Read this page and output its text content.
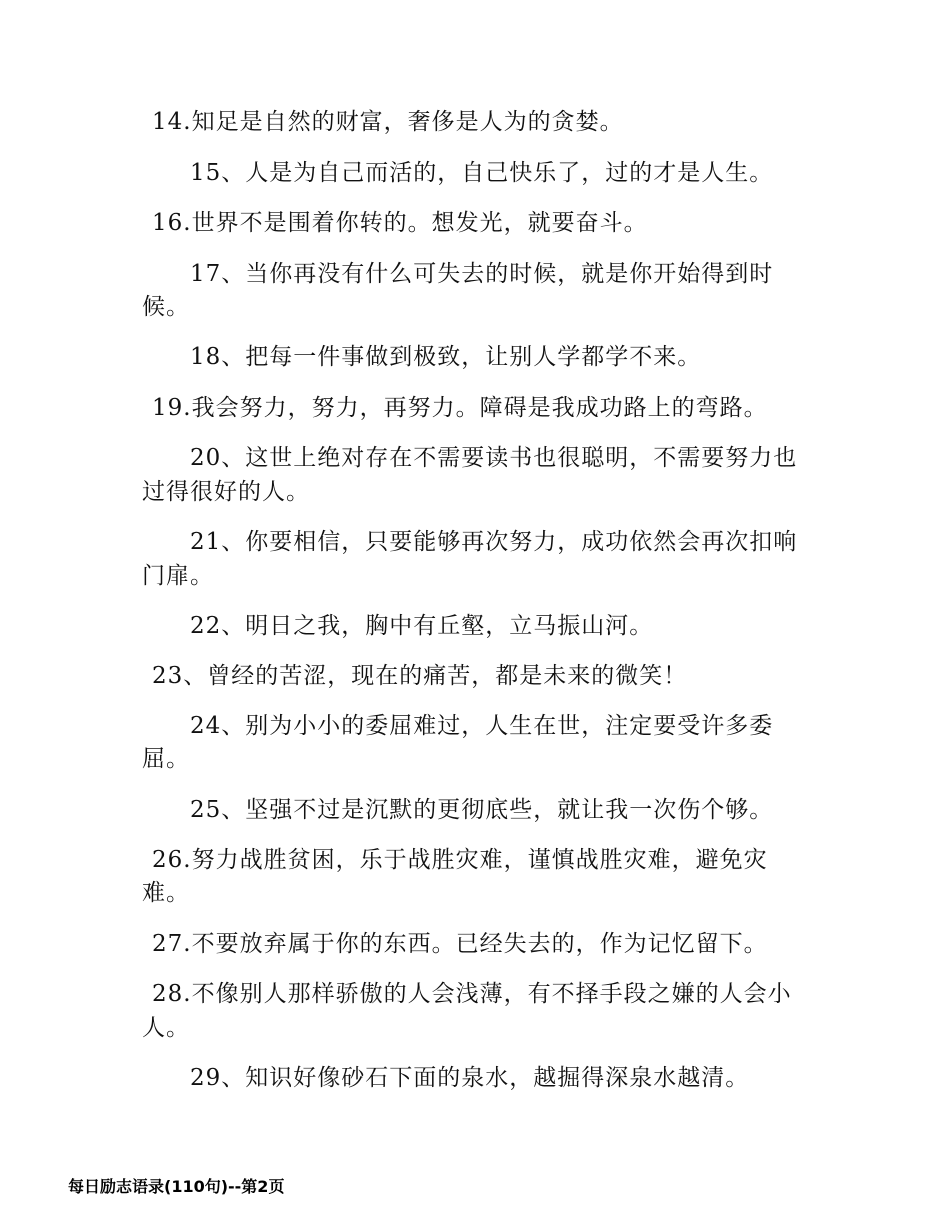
14.知足是自然的财富，奢侈是人为的贪婪。

15、人是为自己而活的，自己快乐了，过的才是人生。

16.世界不是围着你转的。想发光，就要奋斗。

17、当你再没有什么可失去的时候，就是你开始得到时

候。

18、把每一件事做到极致，让别人学都学不来。

19.我会努力，努力，再努力。障碍是我成功路上的弯路。

20、这世上绝对存在不需要读书也很聪明，不需要努力也

过得很好的人。

21、你要相信，只要能够再次努力，成功依然会再次扣响

门扉。

22、明日之我，胸中有丘壑，立马振山河。

23、曾经的苦涩，现在的痛苦，都是未来的微笑！

24、别为小小的委屈难过，人生在世，注定要受许多委

屈。

25、坚强不过是沉默的更彻底些，就让我一次伤个够。

26.努力战胜贫困，乐于战胜灾难，谨慎战胜灾难，避免灾

难。

27.不要放弃属于你的东西。已经失去的，作为记忆留下。

28.不像别人那样骄傲的人会浅薄，有不择手段之嫌的人会小

人。

29、知识好像砂石下面的泉水，越掘得深泉水越清。

每日励志语录(110句)--第2页
